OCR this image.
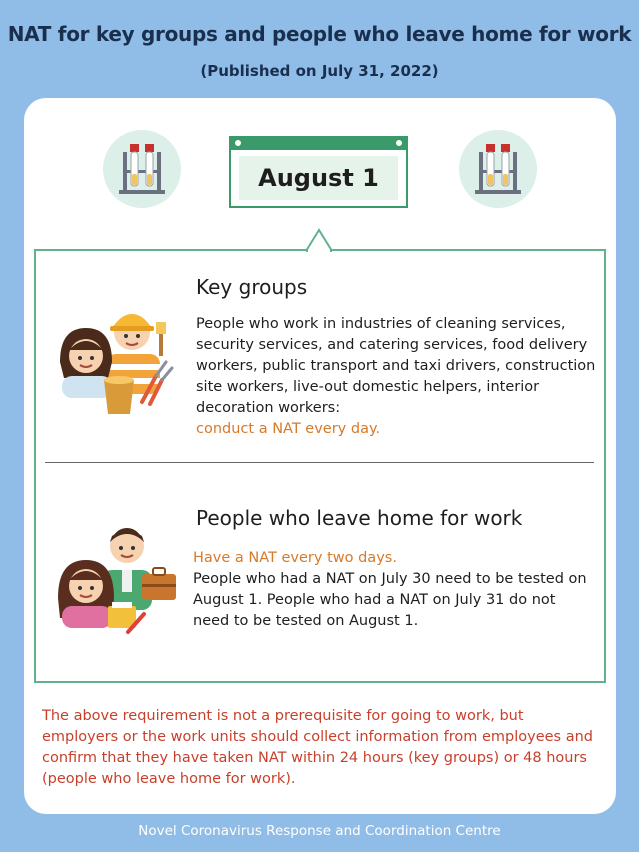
NAT for key groups and people who leave home for work
(Published on July 31, 2022)
August 1
Key groups
People who work in industries of cleaning services, security services, and catering services, food delivery workers, public transport and taxi drivers, construction site workers, live-out domestic helpers, interior decoration workers:
conduct a NAT every day.
People who leave home for work
Have a NAT every two days.
People who had a NAT on July 30 need to be tested on August 1. People who had a NAT on July 31 do not need to be tested on August 1.
The above requirement is not a prerequisite for going to work, but employers or the work units should collect information from employees and confirm that they have taken NAT within 24 hours (key groups) or 48 hours (people who leave home for work).
Novel Coronavirus Response and Coordination Centre
